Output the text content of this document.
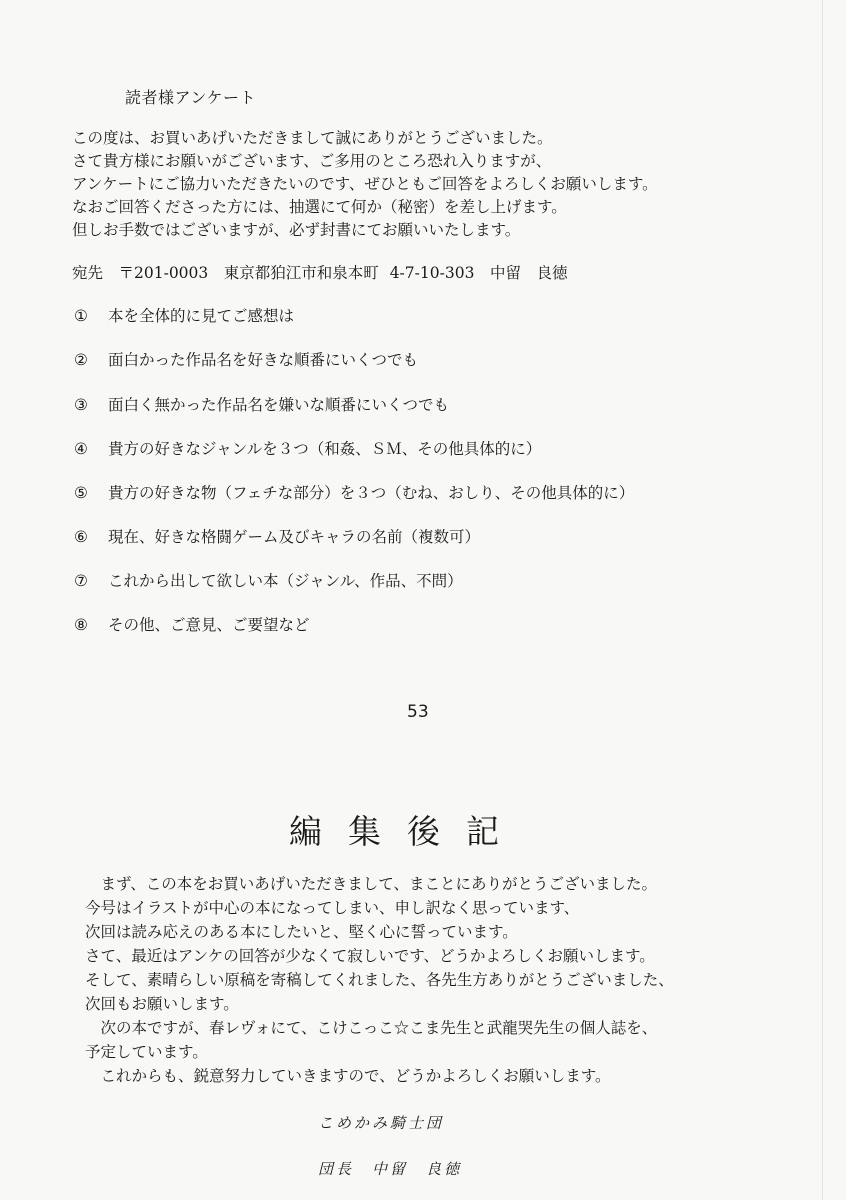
読者様アンケート
この度は、お買いあげいただきまして誠にありがとうございました。
さて貴方様にお願いがございます、ご多用のところ恐れ入りますが、
アンケートにご協力いただきたいのです、ぜひともご回答をよろしくお願いします。
なおご回答くださった方には、抽選にて何か（秘密）を差し上げます。
但しお手数ではございますが、必ず封書にてお願いいたします。
宛先　〒201-0003　東京都狛江市和泉本町 4-7-10-303　中留　良徳
① 本を全体的に見てご感想は
② 面白かった作品名を好きな順番にいくつでも
③ 面白く無かった作品名を嫌いな順番にいくつでも
④ 貴方の好きなジャンルを３つ（和姦、ＳＭ、その他具体的に）
⑤ 貴方の好きな物（フェチな部分）を３つ（むね、おしり、その他具体的に）
⑥ 現在、好きな格闘ゲーム及びキャラの名前（複数可）
⑦ これから出して欲しい本（ジャンル、作品、不問）
⑧ その他、ご意見、ご要望など
53
編集後記
　まず、この本をお買いあげいただきまして、まことにありがとうございました。
今号はイラストが中心の本になってしまい、申し訳なく思っています、
次回は読み応えのある本にしたいと、堅く心に誓っています。
さて、最近はアンケの回答が少なくて寂しいです、どうかよろしくお願いします。
そして、素晴らしい原稿を寄稿してくれました、各先生方ありがとうございました、
次回もお願いします。
　次の本ですが、春レヴォにて、こけこっこ☆こま先生と武龍哭先生の個人誌を、
予定しています。
　これからも、鋭意努力していきますので、どうかよろしくお願いします。
こめかみ騎士団
団長　中留　良徳
